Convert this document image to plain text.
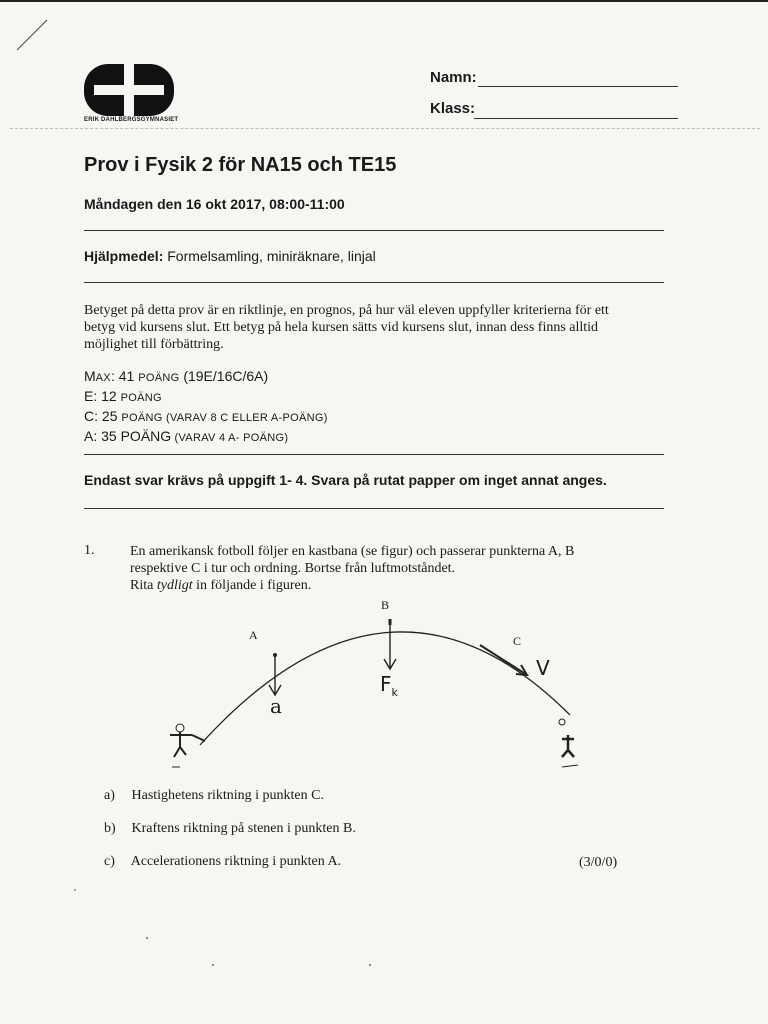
ERIK DAHLBERGSGYMNASIET
Namn:
Klass:
Prov i Fysik 2 för NA15 och TE15
Måndagen den 16 okt 2017, 08:00-11:00
Hjälpmedel: Formelsamling, miniräknare, linjal
Betyget på detta prov är en riktlinje, en prognos, på hur väl eleven uppfyller kriterierna för ett
betyg vid kursens slut. Ett betyg på hela kursen sätts vid kursens slut, innan dess finns alltid
möjlighet till förbättring.
MAX: 41 POÄNG (19E/16C/6A)
E: 12 POÄNG
C: 25 POÄNG (VARAV 8 C ELLER A-POÄNG)
A: 35 POÄNG (VARAV 4 A- POÄNG)
Endast svar krävs på uppgift 1- 4. Svara på rutat papper om inget annat anges.
1.	En amerikansk fotboll följer en kastbana (se figur) och passerar punkterna A, B
respektive C i tur och ordning. Bortse från luftmotståndet.
Rita tydligt in följande i figuren.
A
B
C
a
$F_k$
V
a) Hastighetens riktning i punkten C.
b) Kraftens riktning på stenen i punkten B.
c) Accelerationens riktning i punkten A.	(3/0/0)
